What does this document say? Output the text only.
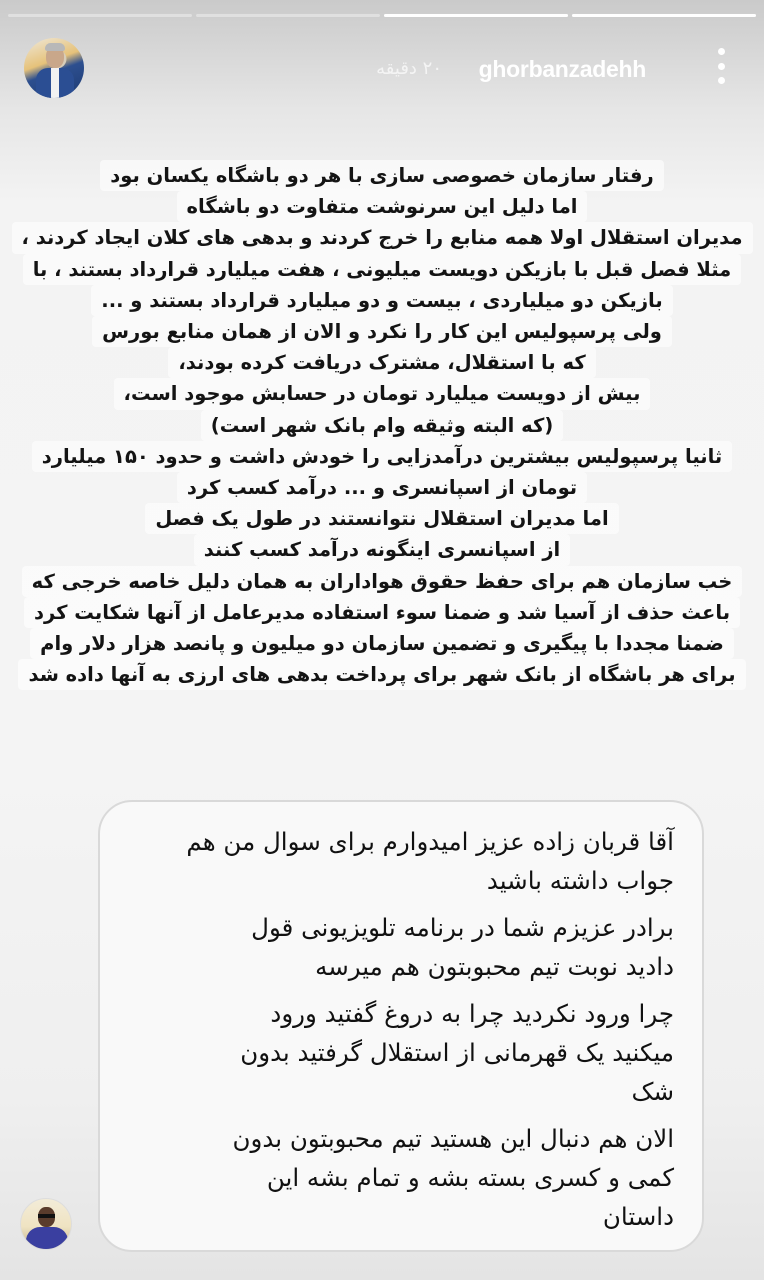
۲۰ دقیقه ghorbanzadehh
رفتار سازمان خصوصی سازی با هر دو باشگاه یکسان بود
اما دلیل این سرنوشت متفاوت دو باشگاه
مدیران استقلال اولا همه منابع را خرج کردند و بدهی های کلان ایجاد کردند ،
مثلا فصل قبل با بازیکن دویست میلیونی ، هفت میلیارد قرارداد بستند ، با
بازیکن دو میلیاردی ، بیست و دو میلیارد قرارداد بستند و ...
ولی پرسپولیس این کار را نکرد و الان از همان منابع بورس
که با استقلال، مشترک دریافت کرده بودند،
بیش از دویست میلیارد تومان در حسابش موجود است،
(که البته وثیقه وام بانک شهر است)
ثانیا پرسپولیس بیشترین درآمدزایی را خودش داشت و حدود ۱۵۰ میلیارد
تومان از اسپانسری و ... درآمد کسب کرد
اما مدیران استقلال نتوانستند در طول یک فصل
از اسپانسری اینگونه درآمد کسب کنند
خب سازمان هم برای حفظ حقوق هواداران به همان دلیل خاصه خرجی که
باعث حذف از آسیا شد و ضمنا سوء استفاده مدیرعامل از آنها شکایت کرد
ضمنا مجددا با پیگیری و تضمین سازمان دو میلیون و پانصد هزار دلار وام
برای هر باشگاه از بانک شهر برای پرداخت بدهی های ارزی به آنها داده شد
آقا قربان زاده عزیز امیدوارم برای سوال من هم
جواب داشته باشید
برادر عزیزم شما در برنامه تلویزیونی قول
دادید نوبت تیم محبوبتون هم میرسه
چرا ورود نکردید چرا به دروغ گفتید ورود
میکنید یک قهرمانی از استقلال گرفتید بدون
شک
الان هم دنبال این هستید تیم محبوبتون بدون
کمی و کسری بسته بشه و تمام بشه این
داستان
